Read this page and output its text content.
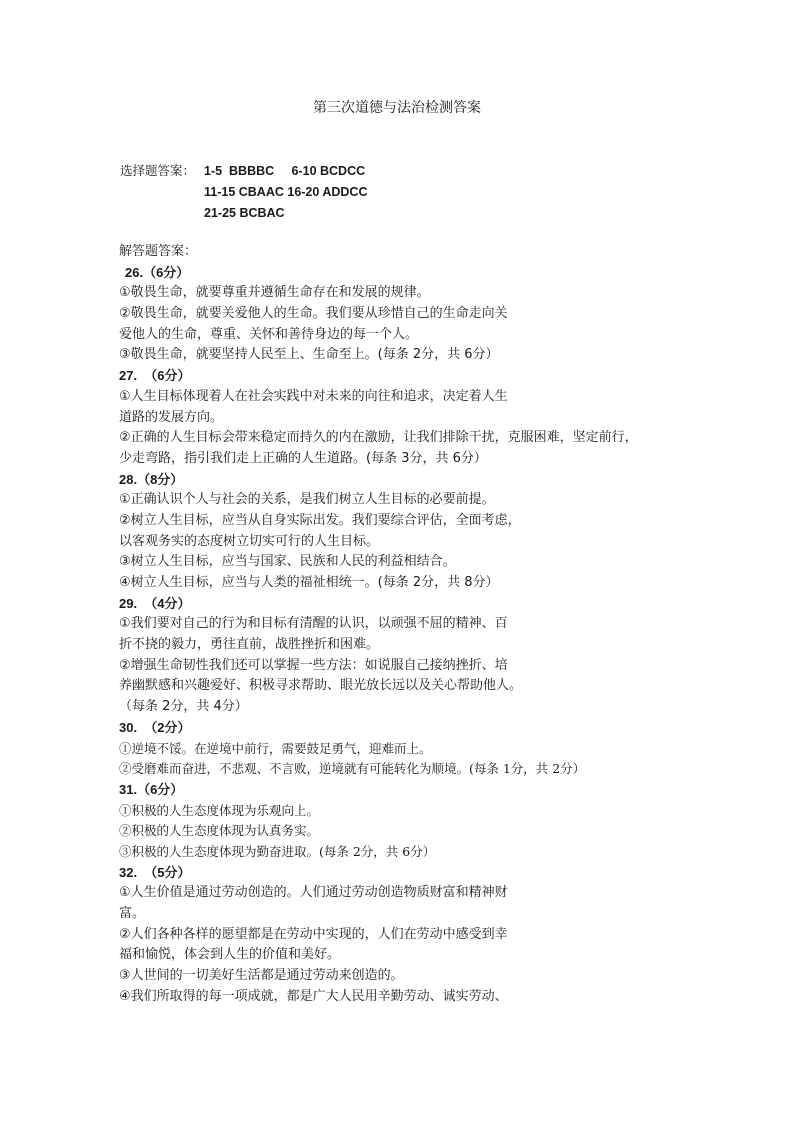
第三次道德与法治检测答案
选择题答案： 1-5  BBBBC     6-10 BCDCC
11-15 CBAAC 16-20 ADDCC
21-25 BCBAC
解答题答案：
26.（6分）
①敬畏生命，就要尊重并遵循生命存在和发展的规律。
②敬畏生命，就要关爱他人的生命。我们要从珍惜自己的生命走向关
爱他人的生命，尊重、关怀和善待身边的每一个人。
③敬畏生命，就要坚持人民至上、生命至上。(每条 2分，共 6分）
27.  （6分）
①人生目标体现着人在社会实践中对未来的向往和追求，决定着人生
道路的发展方向。
②正确的人生目标会带来稳定而持久的内在激励，让我们排除干扰，克服困难，坚定前行，
少走弯路，指引我们走上正确的人生道路。(每条 3分，共 6分）
28.（8分）
①正确认识个人与社会的关系，是我们树立人生目标的必要前提。
②树立人生目标，应当从自身实际出发。我们要综合评估，全面考虑，
以客观务实的态度树立切实可行的人生目标。
③树立人生目标，应当与国家、民族和人民的利益相结合。
④树立人生目标，应当与人类的福祉相统一。(每条 2分，共 8分）
29.  （4分）
①我们要对自己的行为和目标有清醒的认识，以顽强不屈的精神、百
折不挠的毅力，勇往直前，战胜挫折和困难。
②增强生命韧性我们还可以掌握一些方法：如说服自己接纳挫折、培
养幽默感和兴趣爱好、积极寻求帮助、眼光放长远以及关心帮助他人。
（每条 2分，共 4分）
30.  （2分）
①逆境不馁。在逆境中前行，需要鼓足勇气，迎难而上。
②受磨难而奋进，不悲观、不言败，逆境就有可能转化为顺境。(每条 1分，共 2分）
31.（6分）
①积极的人生态度体现为乐观向上。
②积极的人生态度体现为认真务实。
③积极的人生态度体现为勤奋进取。(每条 2分，共 6分）
32.  （5分）
①人生价值是通过劳动创造的。人们通过劳动创造物质财富和精神财
富。
②人们各种各样的愿望都是在劳动中实现的，人们在劳动中感受到幸
福和愉悦，体会到人生的价值和美好。
③人世间的一切美好生活都是通过劳动来创造的。
④我们所取得的每一项成就，都是广大人民用辛勤劳动、诚实劳动、
